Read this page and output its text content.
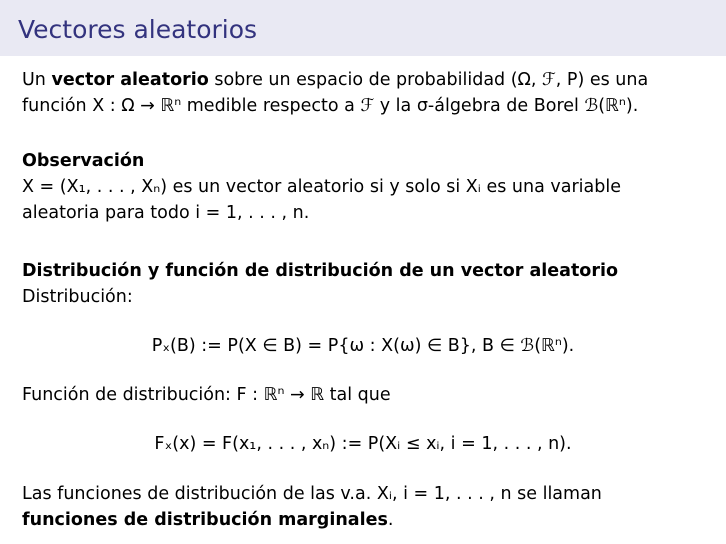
Vectores aleatorios
Un vector aleatorio sobre un espacio de probabilidad (Ω, ℱ, P) es una
función X : Ω → ℝⁿ medible respecto a ℱ y la σ-álgebra de Borel ℬ(ℝⁿ).
Observación
X = (X₁, . . . , Xₙ) es un vector aleatorio si y solo si Xᵢ es una variable
aleatoria para todo i = 1, . . . , n.
Distribución y función de distribución de un vector aleatorio
Distribución:
Pₓ(B) := P(X ∈ B) = P{ω : X(ω) ∈ B}, B ∈ ℬ(ℝⁿ).
Función de distribución: F : ℝⁿ → ℝ tal que
Fₓ(x) = F(x₁, . . . , xₙ) := P(Xᵢ ≤ xᵢ, i = 1, . . . , n).
Las funciones de distribución de las v.a. Xᵢ, i = 1, . . . , n se llaman
funciones de distribución marginales.
